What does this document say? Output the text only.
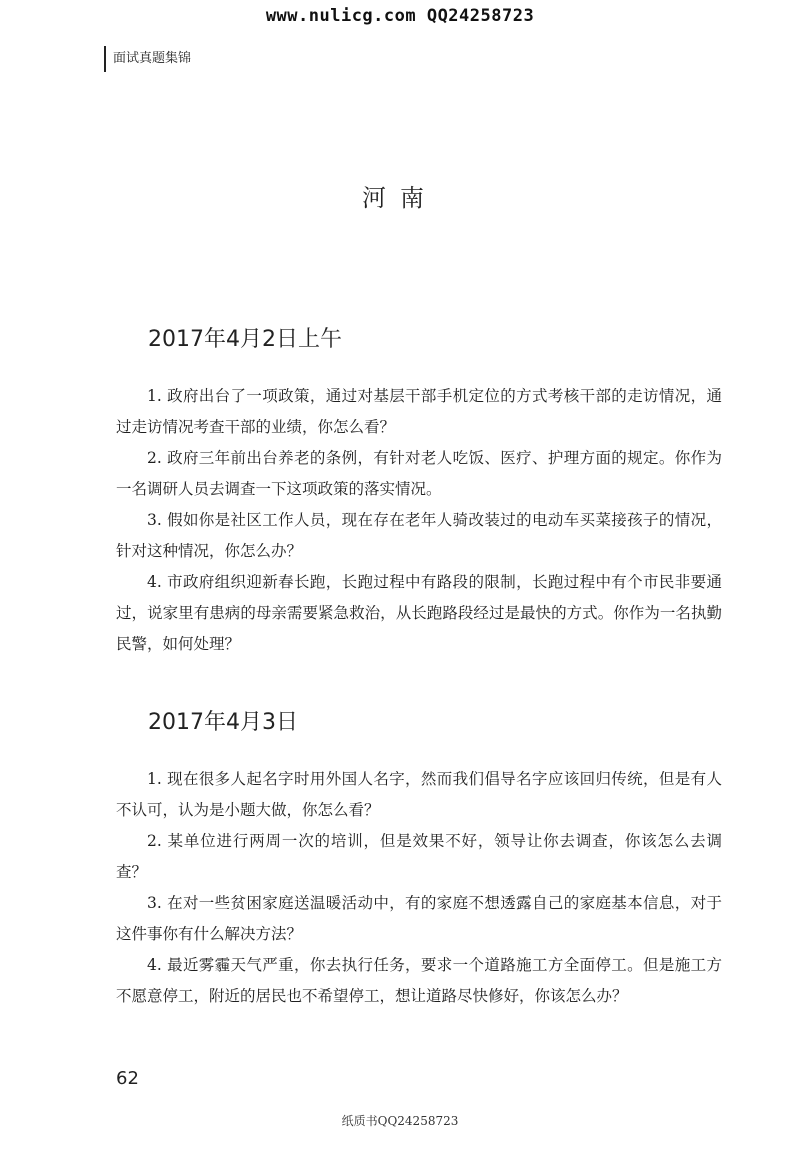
www.nulicg.com QQ24258723
面试真题集锦
河南
2017年4月2日上午

1. 政府出台了一项政策，通过对基层干部手机定位的方式考核干部的走访情况，通过走访情况考查干部的业绩，你怎么看？

2. 政府三年前出台养老的条例，有针对老人吃饭、医疗、护理方面的规定。你作为一名调研人员去调查一下这项政策的落实情况。

3. 假如你是社区工作人员，现在存在老年人骑改装过的电动车买菜接孩子的情况，针对这种情况，你怎么办？

4. 市政府组织迎新春长跑，长跑过程中有路段的限制，长跑过程中有个市民非要通过，说家里有患病的母亲需要紧急救治，从长跑路段经过是最快的方式。你作为一名执勤民警，如何处理？

2017年4月3日

1. 现在很多人起名字时用外国人名字，然而我们倡导名字应该回归传统，但是有人不认可，认为是小题大做，你怎么看？

2. 某单位进行两周一次的培训，但是效果不好，领导让你去调查，你该怎么去调查？

3. 在对一些贫困家庭送温暖活动中，有的家庭不想透露自己的家庭基本信息，对于这件事你有什么解决方法？

4. 最近雾霾天气严重，你去执行任务，要求一个道路施工方全面停工。但是施工方不愿意停工，附近的居民也不希望停工，想让道路尽快修好，你该怎么办？

62
纸质书QQ24258723
